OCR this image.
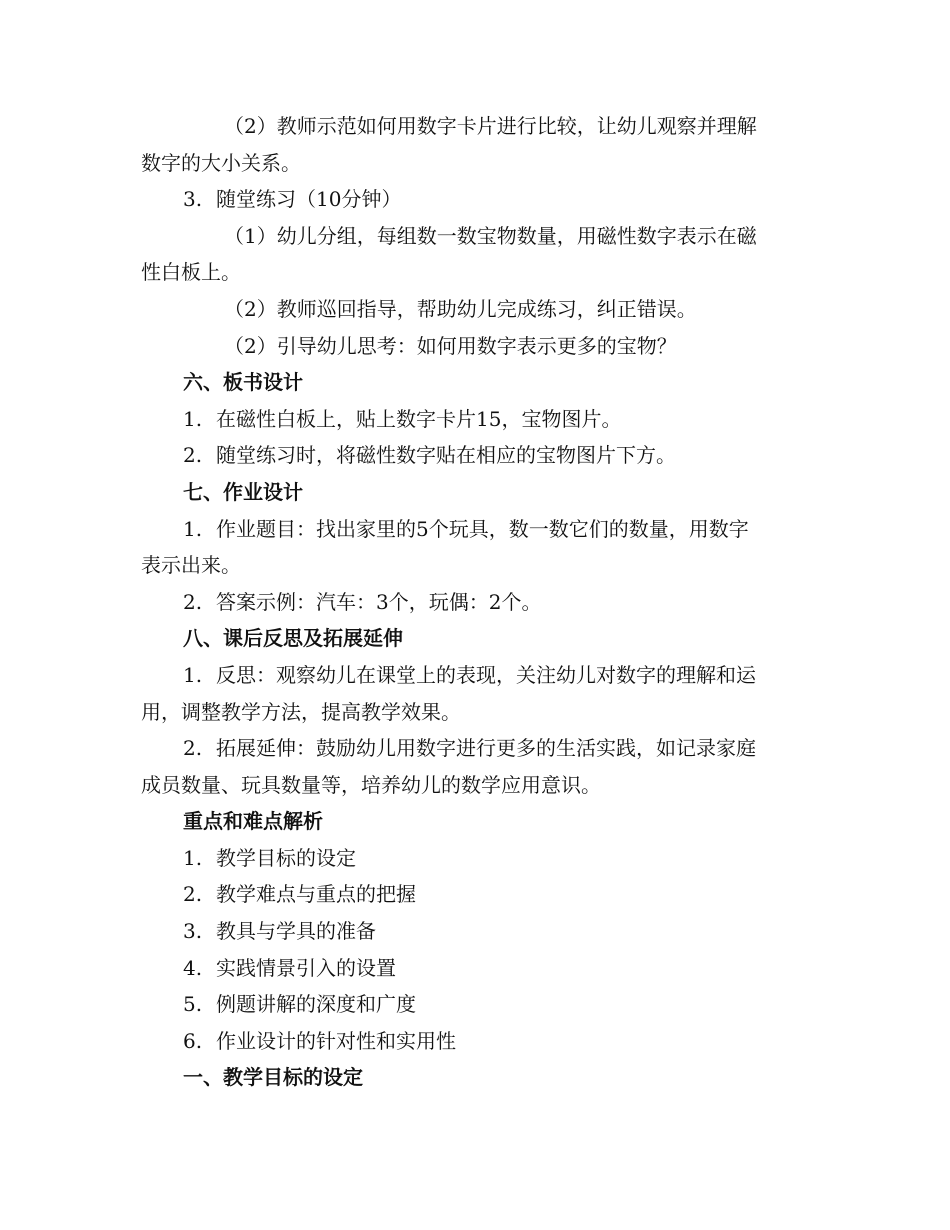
（2）教师示范如何用数字卡片进行比较，让幼儿观察并理解
数字的大小关系。
3. 随堂练习（10分钟）
（1）幼儿分组，每组数一数宝物数量，用磁性数字表示在磁
性白板上。
（2）教师巡回指导，帮助幼儿完成练习，纠正错误。
（2）引导幼儿思考：如何用数字表示更多的宝物？
六、板书设计
1. 在磁性白板上，贴上数字卡片15，宝物图片。
2. 随堂练习时，将磁性数字贴在相应的宝物图片下方。
七、作业设计
1. 作业题目：找出家里的5个玩具，数一数它们的数量，用数字
表示出来。
2. 答案示例：汽车：3个，玩偶：2个。
八、课后反思及拓展延伸
1. 反思：观察幼儿在课堂上的表现，关注幼儿对数字的理解和运
用，调整教学方法，提高教学效果。
2. 拓展延伸：鼓励幼儿用数字进行更多的生活实践，如记录家庭
成员数量、玩具数量等，培养幼儿的数学应用意识。
重点和难点解析
1. 教学目标的设定
2. 教学难点与重点的把握
3. 教具与学具的准备
4. 实践情景引入的设置
5. 例题讲解的深度和广度
6. 作业设计的针对性和实用性
一、教学目标的设定
